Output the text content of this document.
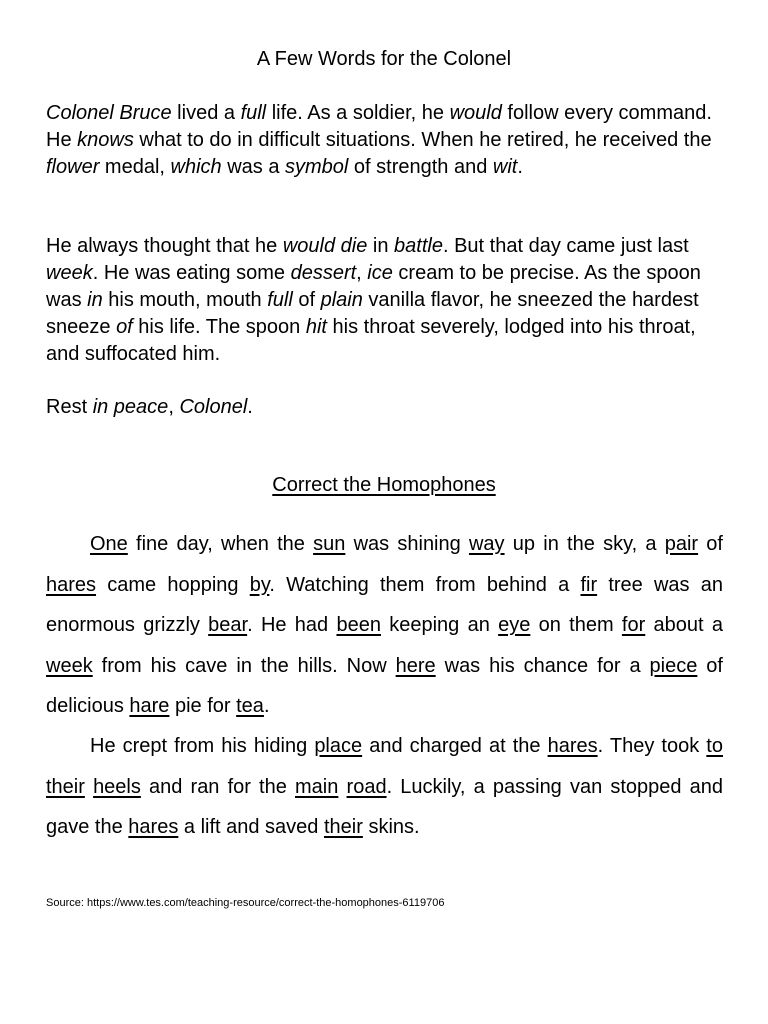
A Few Words for the Colonel

Colonel Bruce lived a full life. As a soldier, he would follow every command. He knows what to do in difficult situations. When he retired, he received the flower medal, which was a symbol of strength and wit.

He always thought that he would die in battle. But that day came just last week. He was eating some dessert, ice cream to be precise. As the spoon was in his mouth, mouth full of plain vanilla flavor, he sneezed the hardest sneeze of his life. The spoon hit his throat severely, lodged into his throat, and suffocated him.

Rest in peace, Colonel.

Correct the Homophones

One fine day, when the sun was shining way up in the sky, a pair of hares came hopping by. Watching them from behind a fir tree was an enormous grizzly bear. He had been keeping an eye on them for about a week from his cave in the hills. Now here was his chance for a piece of delicious hare pie for tea.

He crept from his hiding place and charged at the hares. They took to their heels and ran for the main road. Luckily, a passing van stopped and gave the hares a lift and saved their skins.

Source: https://www.tes.com/teaching-resource/correct-the-homophones-6119706
